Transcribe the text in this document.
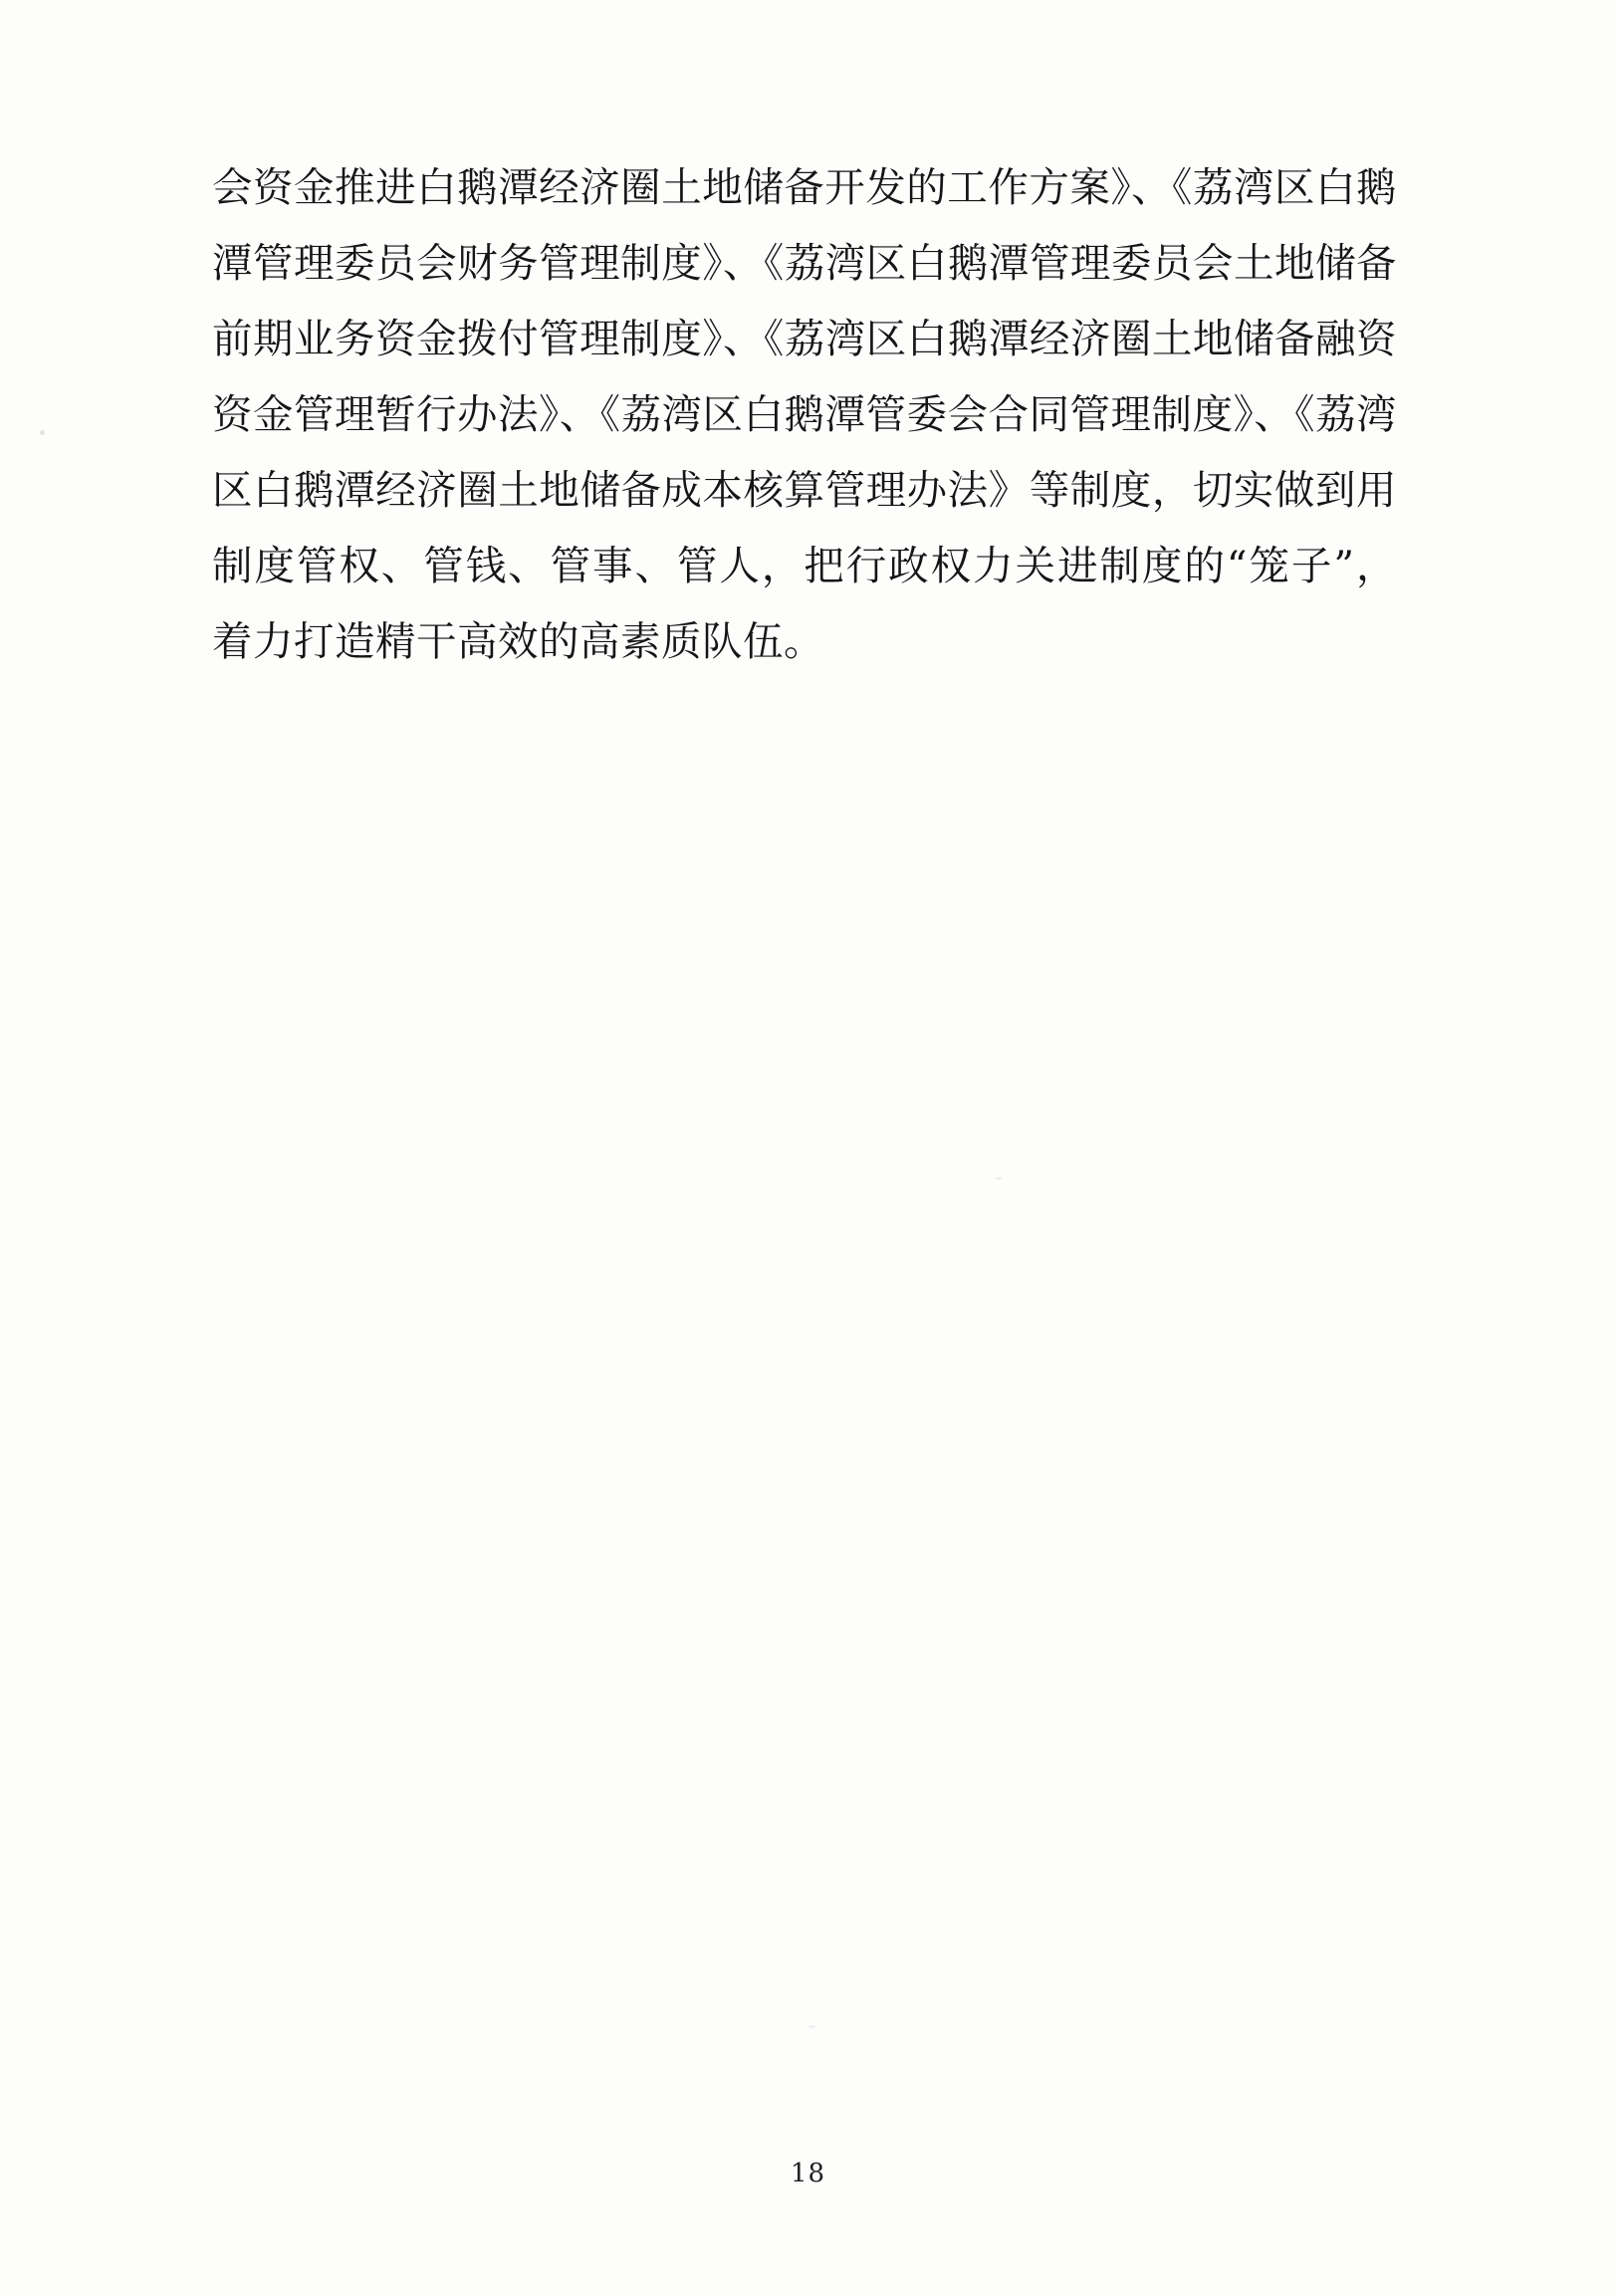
会资金推进白鹅潭经济圈土地储备开发的工作方案》、《荔湾区白鹅潭管理委员会财务管理制度》、《荔湾区白鹅潭管理委员会土地储备前期业务资金拨付管理制度》、《荔湾区白鹅潭经济圈土地储备融资资金管理暂行办法》、《荔湾区白鹅潭管委会合同管理制度》、《荔湾区白鹅潭经济圈土地储备成本核算管理办法》等制度，切实做到用制度管权、管钱、管事、管人，把行政权力关进制度的“笼子”，着力打造精干高效的高素质队伍。

18
